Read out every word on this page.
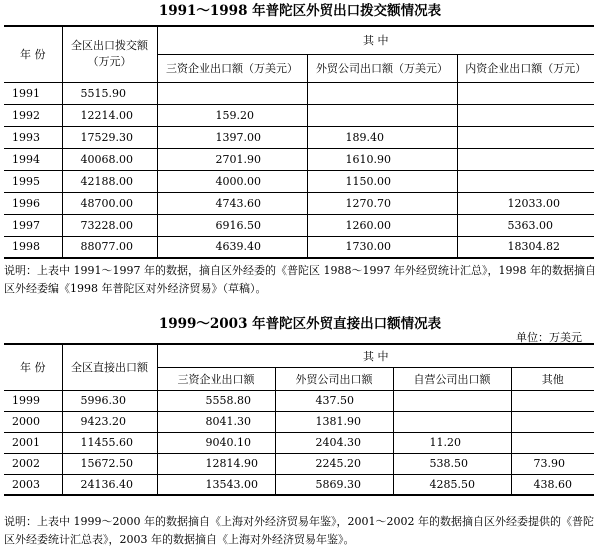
1991～1998 年普陀区外贸出口拨交额情况表
年 份	全区出口拨交额（万元）	其 中		
		三资企业出口额（万美元）	外贸公司出口额（万美元）	内资企业出口额（万元）
1991	5515.90			
1992	12214.00	159.20		
1993	17529.30	1397.00	189.40	
1994	40068.00	2701.90	1610.90	
1995	42188.00	4000.00	1150.00	
1996	48700.00	4743.60	1270.70	12033.00
1997	73228.00	6916.50	1260.00	5363.00
1998	88077.00	4639.40	1730.00	18304.82
说明：上表中 1991～1997 年的数据，摘自区外经委的《普陀区 1988～1997 年外经贸统计汇总》，1998 年的数据摘自区外经委编《1998 年普陀区对外经济贸易》（草稿）。
1999～2003 年普陀区外贸直接出口额情况表
单位：万美元
年 份	全区直接出口额	其 中			
		三资企业出口额	外贸公司出口额	自营公司出口额	其他
1999	5996.30	5558.80	437.50		
2000	9423.20	8041.30	1381.90		
2001	11455.60	9040.10	2404.30	11.20	
2002	15672.50	12814.90	2245.20	538.50	73.90
2003	24136.40	13543.00	5869.30	4285.50	438.60
说明：上表中 1999～2000 年的数据摘自《上海对外经济贸易年鉴》，2001～2002 年的数据摘自区外经委提供的《普陀区外经委统计汇总表》，2003 年的数据摘自《上海对外经济贸易年鉴》。
